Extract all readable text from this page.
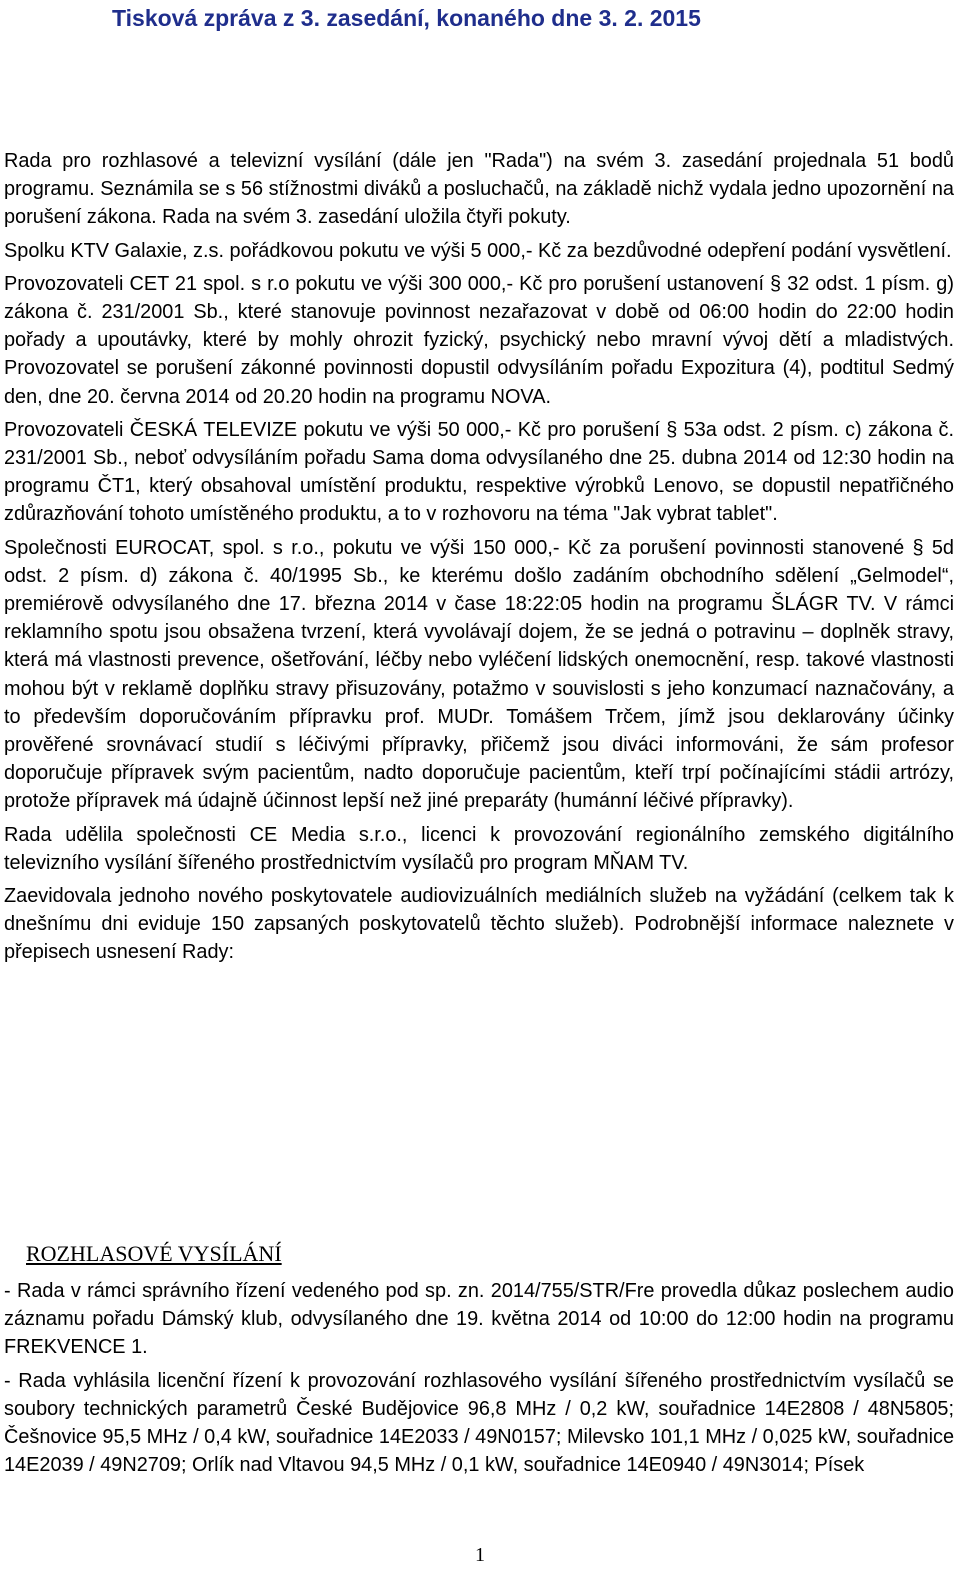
Tisková zpráva z 3. zasedání, konaného dne 3. 2. 2015

Rada pro rozhlasové a televizní vysílání (dále jen "Rada") na svém 3. zasedání projednala 51 bodů programu. Seznámila se s 56 stížnostmi diváků a posluchačů, na základě nichž vydala jedno upozornění na porušení zákona. Rada na svém 3. zasedání uložila čtyři pokuty.

Spolku KTV Galaxie, z.s. pořádkovou pokutu ve výši 5 000,- Kč za bezdůvodné odepření podání vysvětlení.

Provozovateli CET 21 spol. s r.o pokutu ve výši 300 000,- Kč pro porušení ustanovení § 32 odst. 1 písm. g) zákona č. 231/2001 Sb., které stanovuje povinnost nezařazovat v době od 06:00 hodin do 22:00 hodin pořady a upoutávky, které by mohly ohrozit fyzický, psychický nebo mravní vývoj dětí a mladistvých. Provozovatel se porušení zákonné povinnosti dopustil odvysíláním pořadu Expozitura (4), podtitul Sedmý den, dne 20. června 2014 od 20.20 hodin na programu NOVA.

Provozovateli ČESKÁ TELEVIZE pokutu ve výši 50 000,- Kč pro porušení § 53a odst. 2 písm. c) zákona č. 231/2001 Sb., neboť odvysíláním pořadu Sama doma odvysílaného dne 25. dubna 2014 od 12:30 hodin na programu ČT1, který obsahoval umístění produktu, respektive výrobků Lenovo, se dopustil nepatřičného zdůrazňování tohoto umístěného produktu, a to v rozhovoru na téma "Jak vybrat tablet".

Společnosti EUROCAT, spol. s r.o., pokutu ve výši 150 000,- Kč za porušení povinnosti stanovené § 5d odst. 2 písm. d) zákona č. 40/1995 Sb., ke kterému došlo zadáním obchodního sdělení „Gelmodel“, premiérově odvysílaného dne 17. března 2014 v čase 18:22:05 hodin na programu ŠLÁGR TV. V rámci reklamního spotu jsou obsažena tvrzení, která vyvolávají dojem, že se jedná o potravinu – doplněk stravy, která má vlastnosti prevence, ošetřování, léčby nebo vyléčení lidských onemocnění, resp. takové vlastnosti mohou být v reklamě doplňku stravy přisuzovány, potažmo v souvislosti s jeho konzumací naznačovány, a to především doporučováním přípravku prof. MUDr. Tomášem Trčem, jímž jsou deklarovány účinky prověřené srovnávací studií s léčivými přípravky, přičemž jsou diváci informováni, že sám profesor doporučuje přípravek svým pacientům, nadto doporučuje pacientům, kteří trpí počínajícími stádii artrózy, protože přípravek má údajně účinnost lepší než jiné preparáty (humánní léčivé přípravky).

Rada udělila společnosti CE Media s.r.o., licenci k provozování regionálního zemského digitálního televizního vysílání šířeného prostřednictvím vysílačů pro program MŇAM TV.

Zaevidovala jednoho nového poskytovatele audiovizuálních mediálních služeb na vyžádání (celkem tak k dnešnímu dni eviduje 150 zapsaných poskytovatelů těchto služeb). Podrobnější informace naleznete v přepisech usnesení Rady:

ROZHLASOVÉ VYSÍLÁNÍ

- Rada v rámci správního řízení vedeného pod sp. zn. 2014/755/STR/Fre provedla důkaz poslechem audio záznamu pořadu Dámský klub, odvysílaného dne 19. května 2014 od 10:00 do 12:00 hodin na programu FREKVENCE 1.

- Rada vyhlásila licenční řízení k provozování rozhlasového vysílání šířeného prostřednictvím vysílačů se soubory technických parametrů České Budějovice 96,8 MHz / 0,2 kW, souřadnice 14E2808 / 48N5805; Češnovice 95,5 MHz / 0,4 kW, souřadnice 14E2033 / 49N0157; Milevsko 101,1 MHz / 0,025 kW, souřadnice 14E2039 / 49N2709; Orlík nad Vltavou 94,5 MHz / 0,1 kW, souřadnice 14E0940 / 49N3014; Písek

1
